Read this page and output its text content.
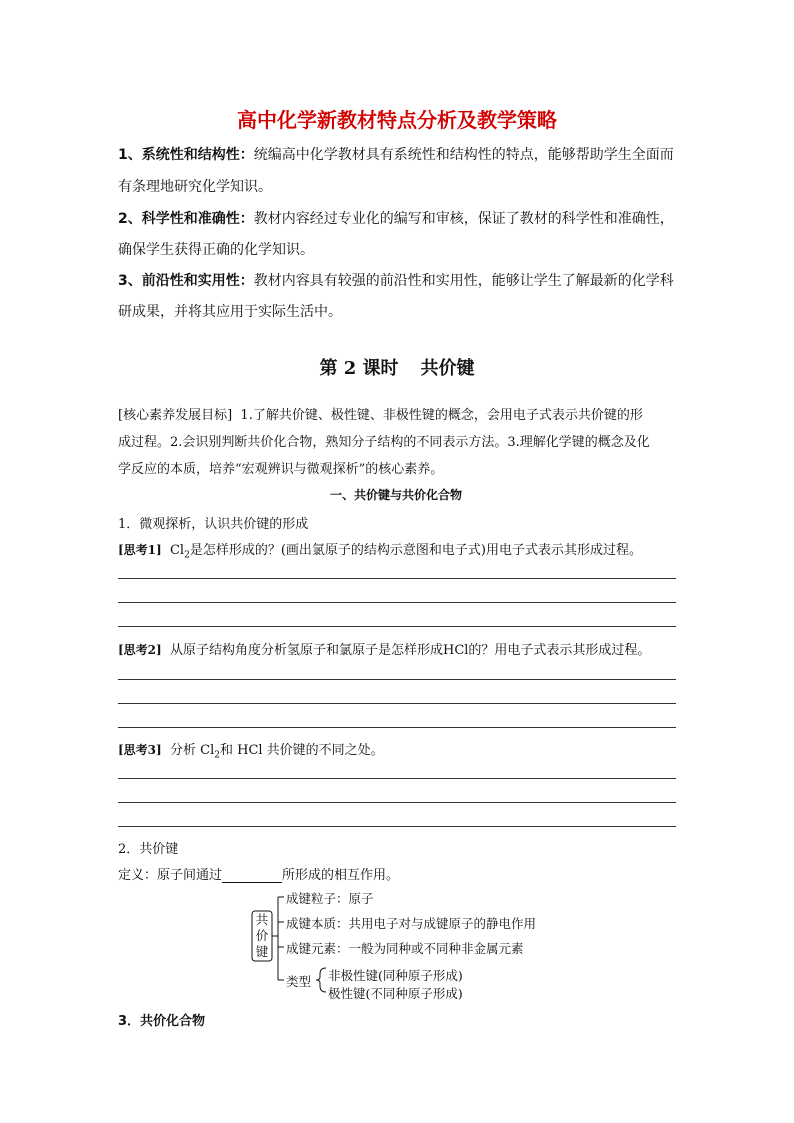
高中化学新教材特点分析及教学策略
1、系统性和结构性：统编高中化学教材具有系统性和结构性的特点，能够帮助学生全面而
有条理地研究化学知识。
2、科学性和准确性：教材内容经过专业化的编写和审核，保证了教材的科学性和准确性，
确保学生获得正确的化学知识。
3、前沿性和实用性：教材内容具有较强的前沿性和实用性，能够让学生了解最新的化学科
研成果，并将其应用于实际生活中。
第 2 课时 共价键
[核心素养发展目标] 1.了解共价键、极性键、非极性键的概念，会用电子式表示共价键的形
成过程。2.会识别判断共价化合物，熟知分子结构的不同表示方法。3.理解化学键的概念及化
学反应的本质，培养“宏观辨识与微观探析”的核心素养。
一、共价键与共价化合物
1．微观探析，认识共价键的形成
[思考1] $Cl_2$是怎样形成的？(画出氯原子的结构示意图和电子式)用电子式表示其形成过程。
[思考2] 从原子结构角度分析氢原子和氯原子是怎样形成HCl的？用电子式表示其形成过程。
[思考3] 分析 $Cl_2$和 HCl 共价键的不同之处。
2．共价键
定义：原子间通过	所形成的相互作用。
共
价
键
成键粒子：原子
成键本质：共用电子对与成键原子的静电作用
成键元素：一般为同种或不同种非金属元素
类型 非极性键(同种原子形成)
极性键(不同种原子形成)
3．共价化合物
